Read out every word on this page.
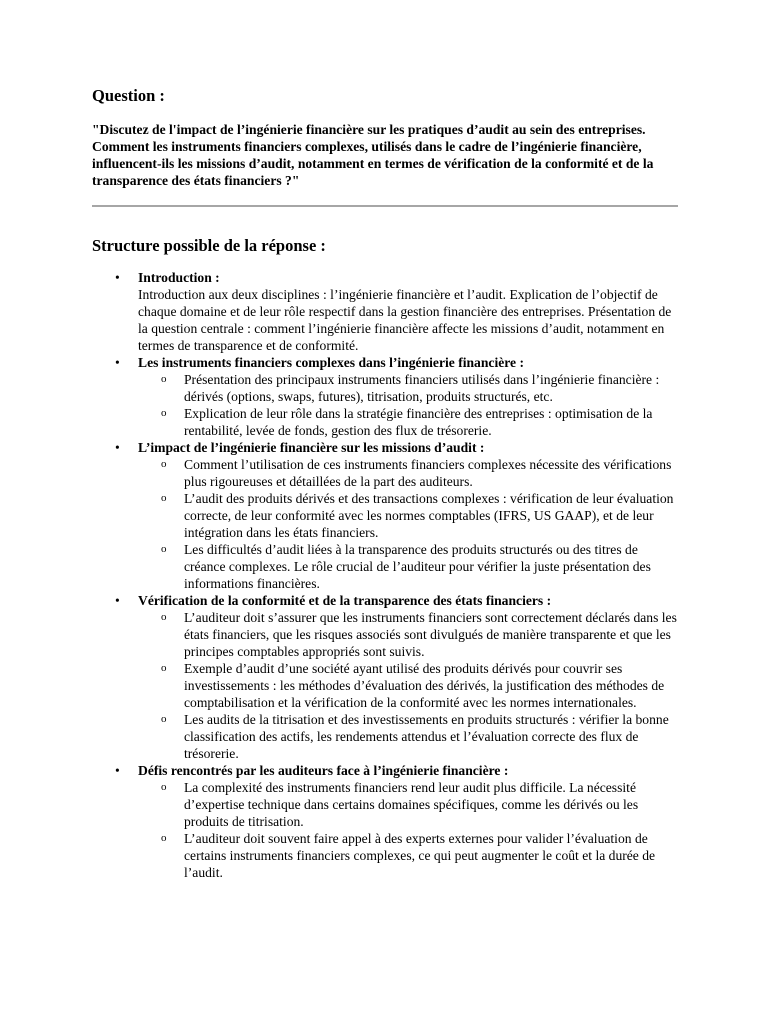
Question :

"Discutez de l'impact de l’ingénierie financière sur les pratiques d’audit au sein des entreprises. Comment les instruments financiers complexes, utilisés dans le cadre de l’ingénierie financière, influencent-ils les missions d’audit, notamment en termes de vérification de la conformité et de la transparence des états financiers ?"

Structure possible de la réponse :
• Introduction :
Introduction aux deux disciplines : l’ingénierie financière et l’audit. Explication de l’objectif de chaque domaine et de leur rôle respectif dans la gestion financière des entreprises. Présentation de la question centrale : comment l’ingénierie financière affecte les missions d’audit, notamment en termes de transparence et de conformité.
• Les instruments financiers complexes dans l’ingénierie financière :
o Présentation des principaux instruments financiers utilisés dans l’ingénierie financière : dérivés (options, swaps, futures), titrisation, produits structurés, etc.
o Explication de leur rôle dans la stratégie financière des entreprises : optimisation de la rentabilité, levée de fonds, gestion des flux de trésorerie.
• L’impact de l’ingénierie financière sur les missions d’audit :
o Comment l’utilisation de ces instruments financiers complexes nécessite des vérifications plus rigoureuses et détaillées de la part des auditeurs.
o L’audit des produits dérivés et des transactions complexes : vérification de leur évaluation correcte, de leur conformité avec les normes comptables (IFRS, US GAAP), et de leur intégration dans les états financiers.
o Les difficultés d’audit liées à la transparence des produits structurés ou des titres de créance complexes. Le rôle crucial de l’auditeur pour vérifier la juste présentation des informations financières.
• Vérification de la conformité et de la transparence des états financiers :
o L’auditeur doit s’assurer que les instruments financiers sont correctement déclarés dans les états financiers, que les risques associés sont divulgués de manière transparente et que les principes comptables appropriés sont suivis.
o Exemple d’audit d’une société ayant utilisé des produits dérivés pour couvrir ses investissements : les méthodes d’évaluation des dérivés, la justification des méthodes de comptabilisation et la vérification de la conformité avec les normes internationales.
o Les audits de la titrisation et des investissements en produits structurés : vérifier la bonne classification des actifs, les rendements attendus et l’évaluation correcte des flux de trésorerie.
• Défis rencontrés par les auditeurs face à l’ingénierie financière :
o La complexité des instruments financiers rend leur audit plus difficile. La nécessité d’expertise technique dans certains domaines spécifiques, comme les dérivés ou les produits de titrisation.
o L’auditeur doit souvent faire appel à des experts externes pour valider l’évaluation de certains instruments financiers complexes, ce qui peut augmenter le coût et la durée de l’audit.
